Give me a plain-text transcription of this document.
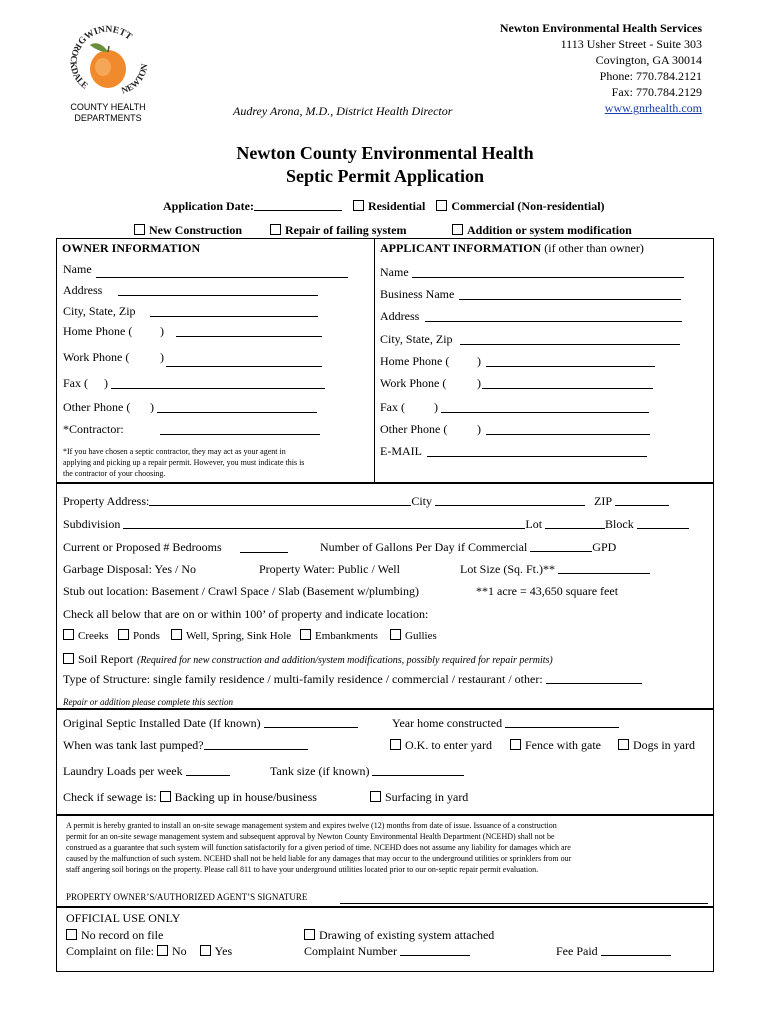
GWINNETT
ROCKDALE	NEWTON
COUNTY HEALTH
DEPARTMENTS
Newton Environmental Health Services
1113 Usher Street - Suite 303
Covington, GA 30014
Phone: 770.784.2121
Fax: 770.784.2129
www.gnrhealth.com
Audrey Arona, M.D., District Health Director
Newton County Environmental Health
Septic Permit Application
Application Date:	Residential Commercial (Non-residential)
New Construction	Repair of failing system	Addition or system modification
OWNER INFORMATION	APPLICANT INFORMATION (if other than owner)
Name
Address
City, State, Zip
Home Phone ( )
Work Phone (	)
Fax ( )
Other Phone ( )
*Contractor:
*If you have chosen a septic contractor, they may act as your agent in
applying and picking up a repair permit. However, you must indicate this is
the contractor of your choosing.
Name
Business Name
Address
City, State, Zip
Home Phone ( )
Work Phone (	)
Fax ( )
Other Phone ( )
E-MAIL
Property Address:	City	ZIP
Subdivision	Lot	Block
Current or Proposed # Bedrooms	Number of Gallons Per Day if Commercial	GPD
Garbage Disposal: Yes / No	Property Water: Public / Well	Lot Size (Sq. Ft.)**
Stub out location: Basement / Crawl Space / Slab (Basement w/plumbing)	**1 acre = 43,650 square feet
Check all below that are on or within 100’ of property and indicate location:
Creeks	Ponds	Well, Spring, Sink Hole	Embankments	Gullies
Soil Report (Required for new construction and addition/system modifications, possibly required for repair permits)
Type of Structure: single family residence / multi-family residence / commercial / restaurant / other:
Repair or addition please complete this section
Original Septic Installed Date (If known)	Year home constructed
When was tank last pumped?	O.K. to enter yard	Fence with gate	Dogs in yard
Laundry Loads per week	Tank size (if known)
Check if sewage is: Backing up in house/business	Surfacing in yard
A permit is hereby granted to install an on-site sewage management system and expires twelve (12) months from date of issue. Issuance of a construction
permit for an on-site sewage management system and subsequent approval by Newton County Environmental Health Department (NCEHD) shall not be
construed as a guarantee that such system will function satisfactorily for a given period of time. NCEHD does not assume any liability for damages which are
caused by the malfunction of such system. NCEHD shall not be held liable for any damages that may occur to the underground utilities or sprinklers from our
staff angering soil borings on the property. Please call 811 to have your underground utilities located prior to our on-septic repair permit evaluation.
PROPERTY OWNER’S/AUTHORIZED AGENT’S SIGNATURE
OFFICIAL USE ONLY
No record on file
Complaint on file: No Yes
Drawing of existing system attached
Complaint Number	Fee Paid
